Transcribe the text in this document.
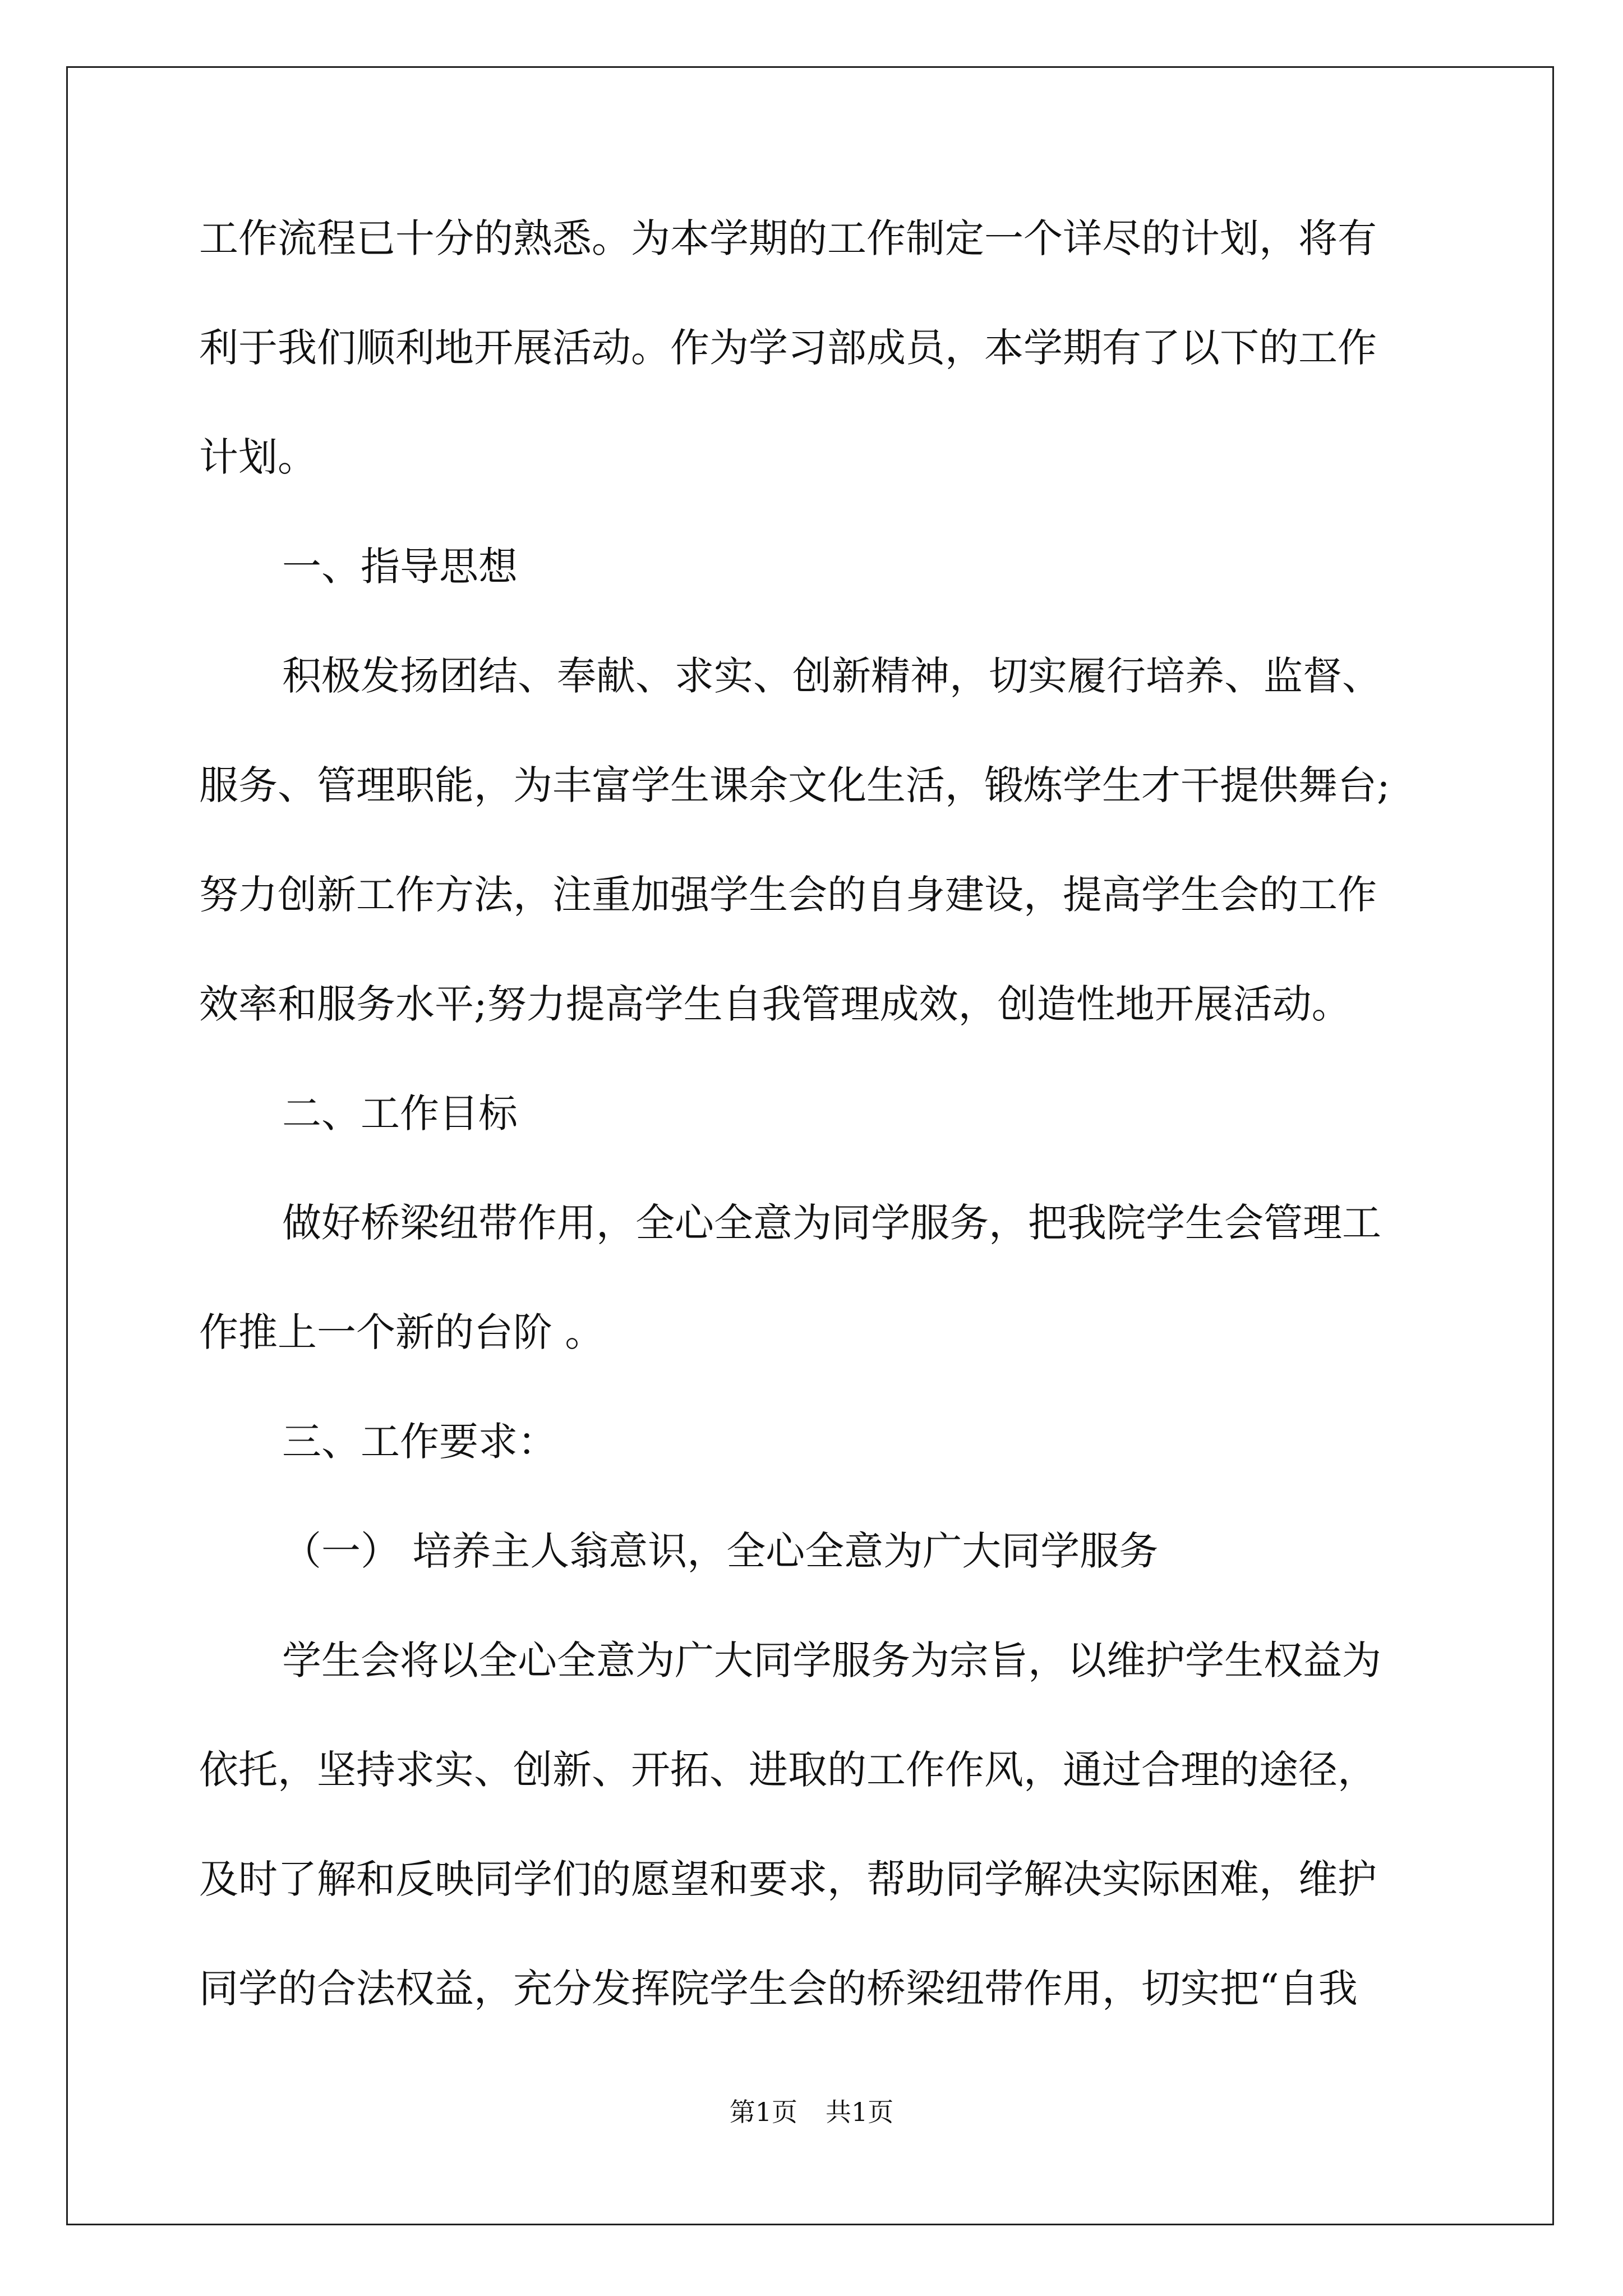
工作流程已十分的熟悉。为本学期的工作制定一个详尽的计划，将有
利于我们顺利地开展活动。作为学习部成员，本学期有了以下的工作
计划。
一、指导思想
积极发扬团结、奉献、求实、创新精神，切实履行培养、监督、
服务、管理职能，为丰富学生课余文化生活，锻炼学生才干提供舞台;
努力创新工作方法，注重加强学生会的自身建设，提高学生会的工作
效率和服务水平;努力提高学生自我管理成效，创造性地开展活动。
二、工作目标
做好桥梁纽带作用，全心全意为同学服务，把我院学生会管理工
作推上一个新的台阶 。
三、工作要求：
（一） 培养主人翁意识，全心全意为广大同学服务
学生会将以全心全意为广大同学服务为宗旨，以维护学生权益为
依托，坚持求实、创新、开拓、进取的工作作风，通过合理的途径，
及时了解和反映同学们的愿望和要求，帮助同学解决实际困难，维护
同学的合法权益，充分发挥院学生会的桥梁纽带作用，切实把“自我
第1页 共1页
